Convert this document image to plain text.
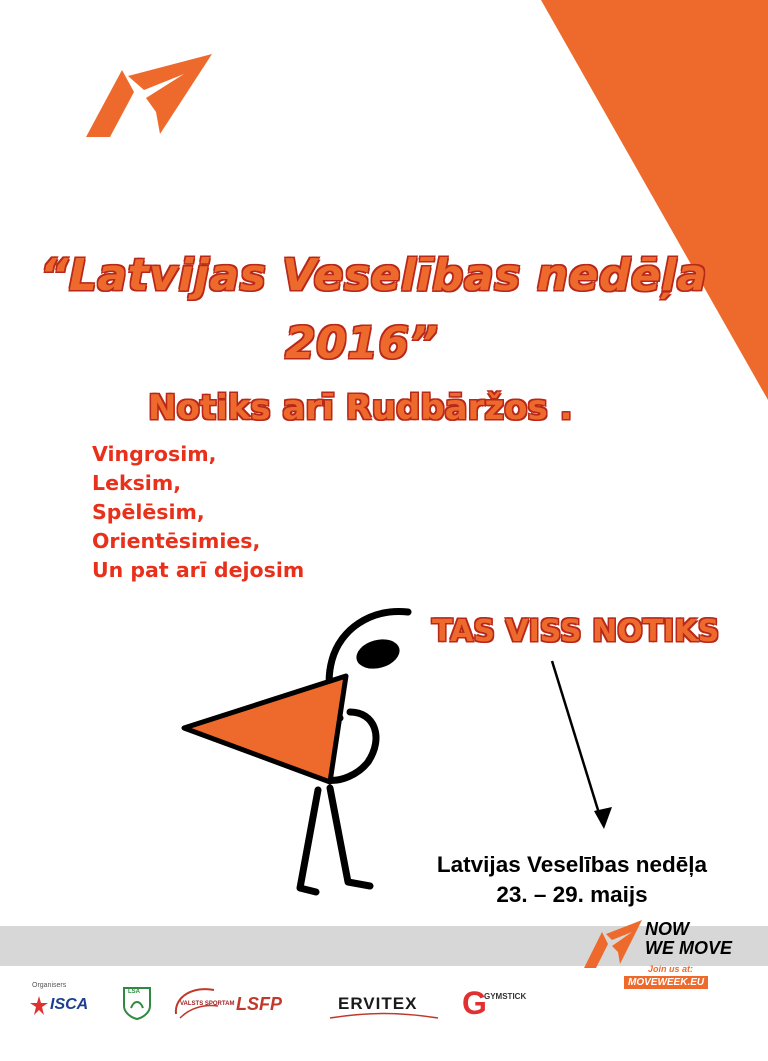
“Latvijas Veselības nedēļa
2016”
Notiks arī Rudbāržos .
Vingrosim,
Leksim,
Spēlēsim,
Orientēsimies,
Un pat arī dejosim
TAS VISS NOTIKS
Latvijas Veselības nedēļa
23. – 29. maijs
NOW
WE MOVE
Join us at:
MOVEWEEK.EU
Organisers
ISCA
LSA
VALSTS SPORTAM LSFP	ERVITEX G
GYMSTICK
